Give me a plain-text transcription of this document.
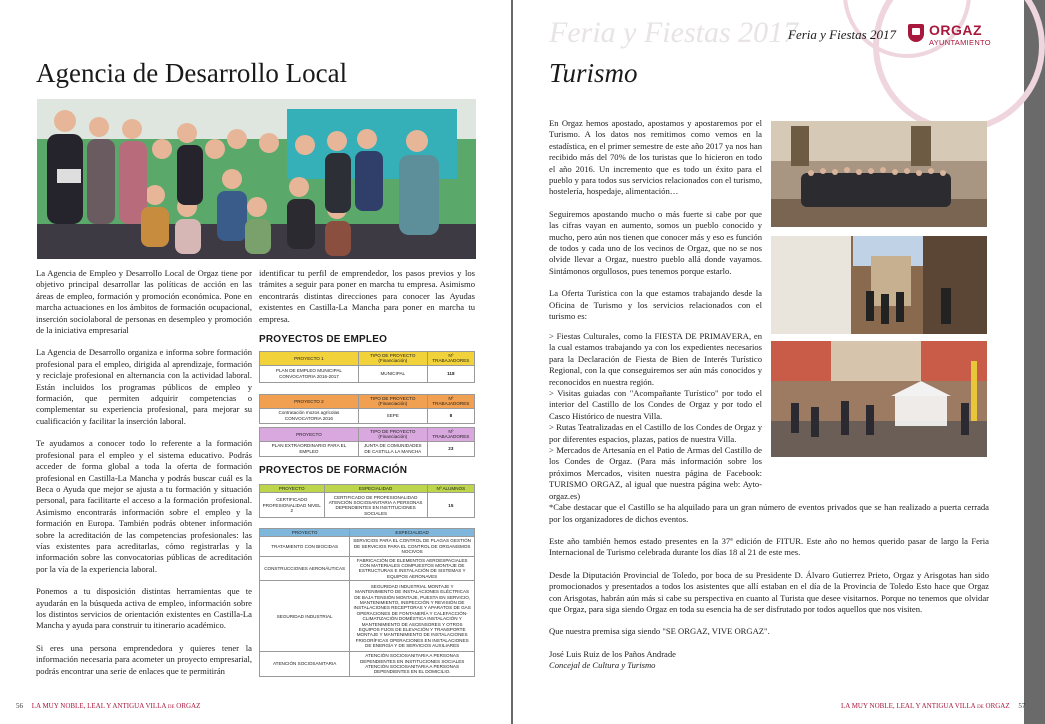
Agencia de Desarrollo Local

La Agencia de Empleo y Desarrollo Local de Orgaz tiene por objetivo principal desarrollar las políticas de acción en las áreas de empleo, formación y promoción económica. Pone en marcha actuaciones en los ámbitos de formación ocupacional, inserción sociolaboral de personas en desempleo y promoción de la iniciativa empresarial

La Agencia de Desarrollo organiza e informa sobre formación profesional para el empleo, dirigida al aprendizaje, formación y reciclaje profesional en alternancia con la actividad laboral. Están incluidos los programas públicos de empleo y formación, que permiten adquirir competencias o complementar su experiencia profesional, para mejorar su cualificación y facilitar la inserción laboral.

Te ayudamos a conocer todo lo referente a la formación profesional para el empleo y el sistema educativo. Podrás acceder de forma global a toda la oferta de formación profesional en Castilla-La Mancha y podrás buscar cuál es la Beca o Ayuda que mejor se ajusta a tu formación y situación personal, para facilitarte el acceso a la formación profesional. Asimismo encontrarás información sobre el empleo y la formación en Europa. También podrás obtener información sobre la acreditación de las competencias profesionales: las vías existentes para acreditarlas, cómo registrarlas y la información sobre las convocatorias públicas de acreditación por la vía de la experiencia laboral.

Ponemos a tu disposición distintas herramientas que te ayudarán en la búsqueda activa de empleo, información sobre los distintos servicios de orientación existentes en Castilla-La Mancha y ayuda para construir tu itinerario académico.

Si eres una persona emprendedora y quieres tener la información necesaria para acometer un proyecto empresarial, podrás encontrar una serie de enlaces que te permitirán

identificar tu perfil de emprendedor, los pasos previos y los trámites a seguir para poner en marcha tu empresa. Asimismo encontrarás distintas direcciones para conocer las Ayudas existentes en Castilla-La Mancha para poner en marcha tu empresa.

PROYECTOS DE EMPLEO
PROYECTO 1	TIPO DE PROYECTO (Financiación)	Nº TRABAJADORES
PLAN DE EMPLEO MUNICIPAL CONVOCATORIA 2016-2017	MUNICIPAL	118
PROYECTO 2	TIPO DE PROYECTO (Financiación)	Nº TRABAJADORES
Contratación mozos agrícolas CONVOCATORIA 2016	SEPE	8
PROYECTO	TIPO DE PROYECTO (Financiación)	Nº TRABAJADORES
PLAN EXTRAORDINARIO PARA EL EMPLEO	JUNTA DE COMUNIDADES DE CASTILLA LA MANCHA	23
PROYECTOS DE FORMACIÓN
PROYECTO	ESPECIALIDAD	Nº ALUMNOS
CERTIFICADO PROFESIONALIDAD NIVEL 2	CERTIFICADO DE PROFESIONALIDAD ATENCIÓN SOCIOSANITARIA A PERSONAS DEPENDIENTES EN INSTITUCIONES SOCIALES	15
PROYECTO	ESPECIALIDAD
TRATAMIENTO CON BIOCIDAS	SERVICIOS PARA EL CONTROL DE PLAGAS GESTIÓN DE SERVICIOS PARA EL CONTROL DE ORGANISMOS NOCIVOS
CONSTRUCCIONES AERONÁUTICAS	FABRICACIÓN DE ELEMENTOS AEROESPACIALES CON MATERIALES COMPUESTOS MONTAJE DE ESTRUCTURAS E INSTALACIÓN DE SISTEMAS Y EQUIPOS AERONAVES
SEGURIDAD INDUSTRIAL	SEGURIDAD INDUSTRIAL MONTAJE Y MANTENIMIENTO DE INSTALACIONES ELÉCTRICAS DE BAJA TENSIÓN MONTAJE, PUESTA EN SERVICIO, MANTENIMIENTO, INSPECCIÓN Y REVISIÓN DE INSTALACIONES RECEPTORAS Y APARATOS DE GAS OPERACIONES DE FONTANERÍA Y CALEFACCIÓN-CLIMATIZACIÓN DOMÉSTICA INSTALACIÓN Y MANTENIMIENTO DE ASCENSORES Y OTROS EQUIPOS FIJOS DE ELEVACIÓN Y TRANSPORTE MONTAJE Y MANTENIMIENTO DE INSTALACIONES FRIGORÍFICAS OPERACIONES EN INSTALACIONES DE ENERGÍA Y DE SERVICIOS AUXILIARES
ATENCIÓN SOCIOSANITARIA	ATENCIÓN SOCIOSANITARIA A PERSONAS DEPENDIENTES EN INSTITUCIONES SOCIALES ATENCIÓN SOCIOSANITARIA A PERSONAS DEPENDIENTES EN EL DOMICILIO.
56 LA MUY NOBLE, LEAL Y ANTIGUA VILLA DE ORGAZ
Feria y Fiestas 2017
Feria y Fiestas 2017 ORGAZ
AYUNTAMIENTO
Turismo

En Orgaz hemos apostado, apostamos y apostaremos por el Turismo. A los datos nos remitimos como vemos en la estadística, en el primer semestre de este año 2017 ya nos han recibido más del 70% de los turistas que lo hicieron en todo el año 2016. Un incremento que es todo un éxito para el pueblo y para todos sus servicios relacionados con el turismo, hostelería, hospedaje, alimentación…

Seguiremos apostando mucho o más fuerte si cabe por que las cifras vayan en aumento, somos un pueblo conocido y mucho, pero aún nos tienen que conocer más y eso es función de todos y cada uno de los vecinos de Orgaz, que no se nos olvide llevar a Orgaz, nuestro pueblo allá donde vayamos. Sintámonos orgullosos, pues tenemos porque estarlo.

La Oferta Turística con la que estamos trabajando desde la Oficina de Turismo y los servicios relacionados con el turismo es:

> Fiestas Culturales, como la FIESTA DE PRIMAVERA, en la cual estamos trabajando ya con los expedientes necesarios para la Declaración de Fiesta de Bien de Interés Turístico Regional, con la que conseguiremos ser aún más conocidos y reconocidos en nuestra región.
> Visitas guiadas con "Acompañante Turístico" por todo el interior del Castillo de los Condes de Orgaz y por todo el Casco Histórico de nuestra Villa.
> Rutas Teatralizadas en el Castillo de los Condes de Orgaz y por diferentes espacios, plazas, patios de nuestra Villa.
> Mercados de Artesanía en el Patio de Armas del Castillo de los Condes de Orgaz. (Para más información sobre los próximos Mercados, visiten nuestra página de Facebook: TURISMO ORGAZ, al igual que nuestra página web: Ayto-orgaz.es)

*Cabe destacar que el Castillo se ha alquilado para un gran número de eventos privados que se han realizado a puerta cerrada por los organizadores de dichos eventos.

Este año también hemos estado presentes en la 37ª edición de FITUR. Este año no hemos querido pasar de largo la Feria Internacional de Turismo celebrada durante los días 18 al 21 de este mes.

Desde la Diputación Provincial de Toledo, por boca de su Presidente D. Álvaro Gutierrez Prieto, Orgaz y Arisgotas han sido promocionados y presentados a todos los asistentes que allí estaban en el día de la Provincia de Toledo Esto hace que Orgaz con Arisgotas, habrán aún más si cabe su perspectiva en cuanto al Turista que desee visitarnos. Porque no tenemos que olvidar que Orgaz, para siga siendo Orgaz en toda su esencia ha de ser disfrutado por todos aquellos que nos visiten.

Que nuestra premisa siga siendo "SE ORGAZ, VIVE ORGAZ".

José Luis Ruiz de los Paños Andrade
Concejal de Cultura y Turismo

LA MUY NOBLE, LEAL Y ANTIGUA VILLA DE ORGAZ 57
